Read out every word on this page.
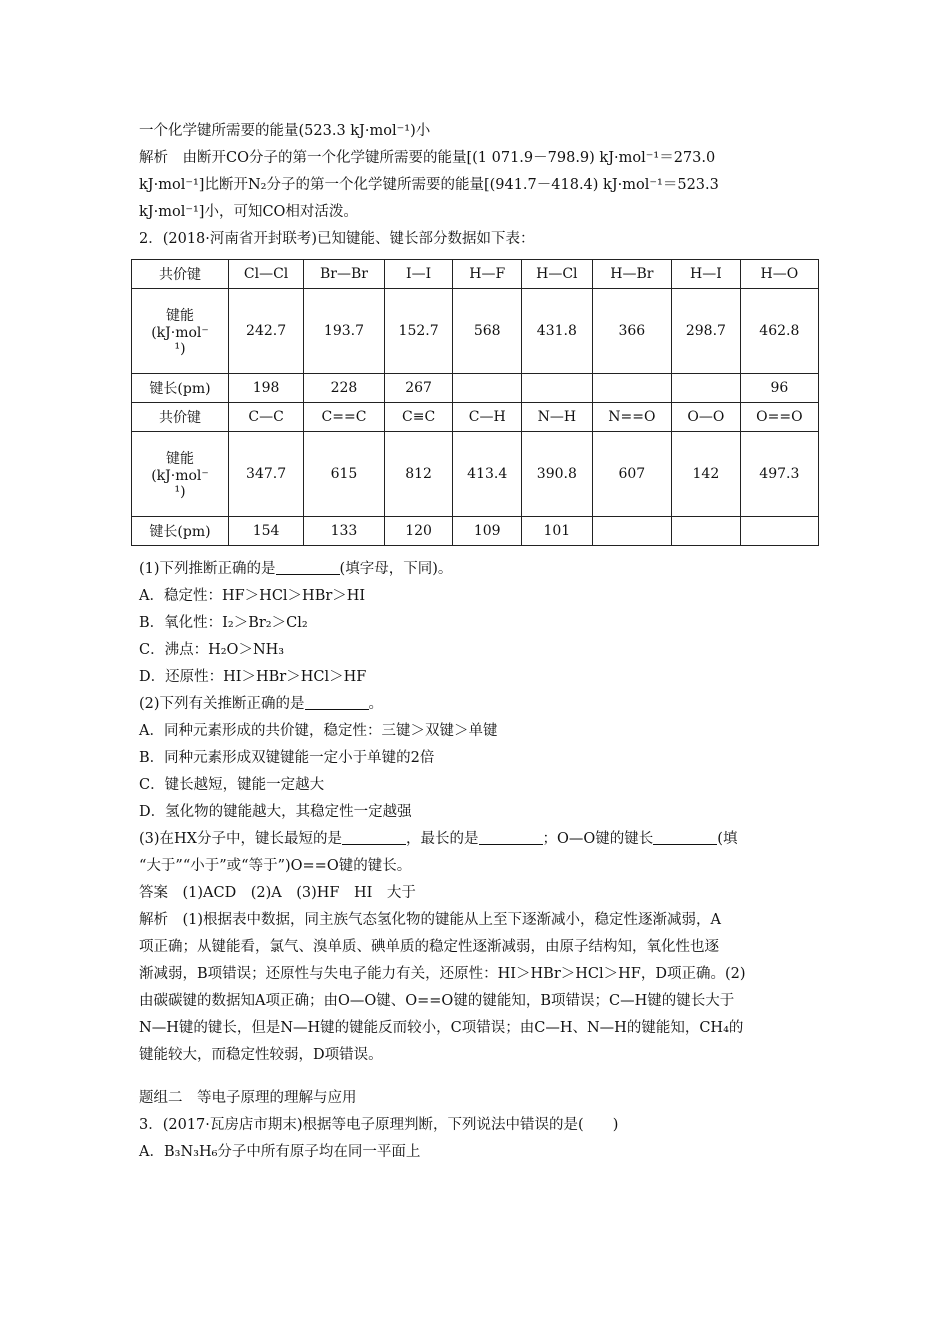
一个化学键所需要的能量(523.3 kJ·mol⁻¹)小
解析　由断开CO分子的第一个化学键所需要的能量[(1 071.9－798.9) kJ·mol⁻¹＝273.0
kJ·mol⁻¹]比断开N₂分子的第一个化学键所需要的能量[(941.7－418.4) kJ·mol⁻¹＝523.3
kJ·mol⁻¹]小，可知CO相对活泼。
2．(2018·河南省开封联考)已知键能、键长部分数据如下表：
共价键	Cl—Cl	Br—Br	I—I	H—F	H—Cl	H—Br	H—I	H—O

键能
(kJ·mol⁻
¹)	242.7	193.7	152.7	568	431.8	366	298.7	462.8
键长(pm)	198	228	267					96
共价键	C—C	C==C	C≡C	C—H	N—H	N==O	O—O	O==O

键能
(kJ·mol⁻
¹)	347.7	615	812	413.4	390.8	607	142	497.3
键长(pm)	154	133	120	109	101			
(1)下列推断正确的是	(填字母，下同)。
A．稳定性：HF＞HCl＞HBr＞HI
B．氧化性：I₂＞Br₂＞Cl₂
C．沸点：H₂O＞NH₃
D．还原性：HI＞HBr＞HCl＞HF
(2)下列有关推断正确的是	。
A．同种元素形成的共价键，稳定性：三键＞双键＞单键
B．同种元素形成双键键能一定小于单键的2倍
C．键长越短，键能一定越大
D．氢化物的键能越大，其稳定性一定越强
(3)在HX分子中，键长最短的是	，最长的是	；O—O键的键长	(填
“大于”“小于”或“等于”)O==O键的键长。
答案　(1)ACD　(2)A　(3)HF　HI　大于
解析　(1)根据表中数据，同主族气态氢化物的键能从上至下逐渐减小，稳定性逐渐减弱，A
项正确；从键能看，氯气、溴单质、碘单质的稳定性逐渐减弱，由原子结构知，氧化性也逐
渐减弱，B项错误；还原性与失电子能力有关，还原性：HI＞HBr＞HCl＞HF，D项正确。(2)
由碳碳键的数据知A项正确；由O—O键、O==O键的键能知，B项错误；C—H键的键长大于
N—H键的键长，但是N—H键的键能反而较小，C项错误；由C—H、N—H的键能知，CH₄的
键能较大，而稳定性较弱，D项错误。
题组二　等电子原理的理解与应用
3．(2017·瓦房店市期末)根据等电子原理判断，下列说法中错误的是(　　)
A．B₃N₃H₆分子中所有原子均在同一平面上
